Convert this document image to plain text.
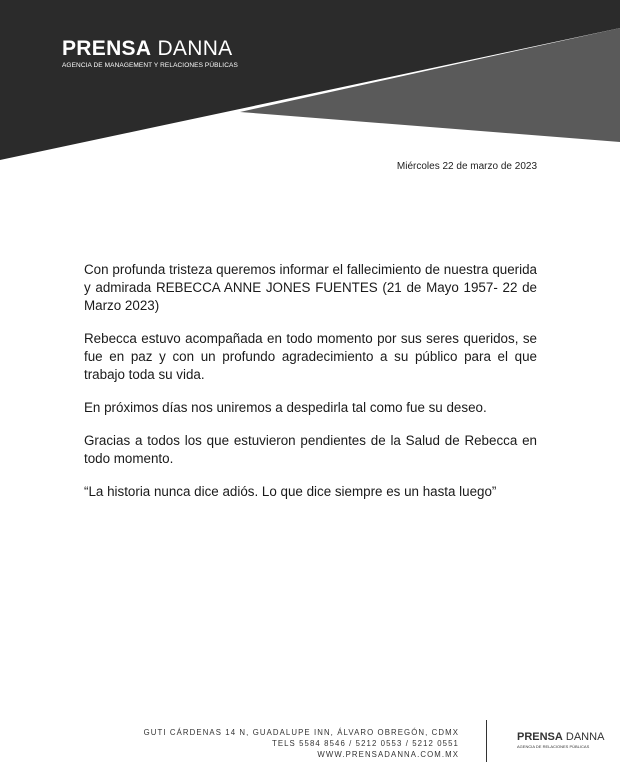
PRENSA DANNA
AGENCIA DE MANAGEMENT Y RELACIONES PÚBLICAS
Miércoles 22 de marzo de 2023

Con profunda tristeza queremos informar el fallecimiento de nuestra querida y admirada REBECCA ANNE JONES FUENTES (21 de Mayo 1957- 22 de Marzo 2023)

Rebecca estuvo acompañada en todo momento por sus seres queridos, se fue en paz y con un profundo agradecimiento a su público para el que trabajo toda su vida.

En próximos días nos uniremos a despedirla tal como fue su deseo.

Gracias a todos los que estuvieron pendientes de la Salud de Rebecca en todo momento.

“La historia nunca dice adiós. Lo que dice siempre es un hasta luego”

GUTI CÁRDENAS 14 N, GUADALUPE INN, ÁLVARO OBREGÓN, CDMX
TELS 5584 8546 / 5212 0553 / 5212 0551
WWW.PRENSADANNA.COM.MX
PRENSA DANNA
AGENCIA DE RELACIONES PÚBLICAS
